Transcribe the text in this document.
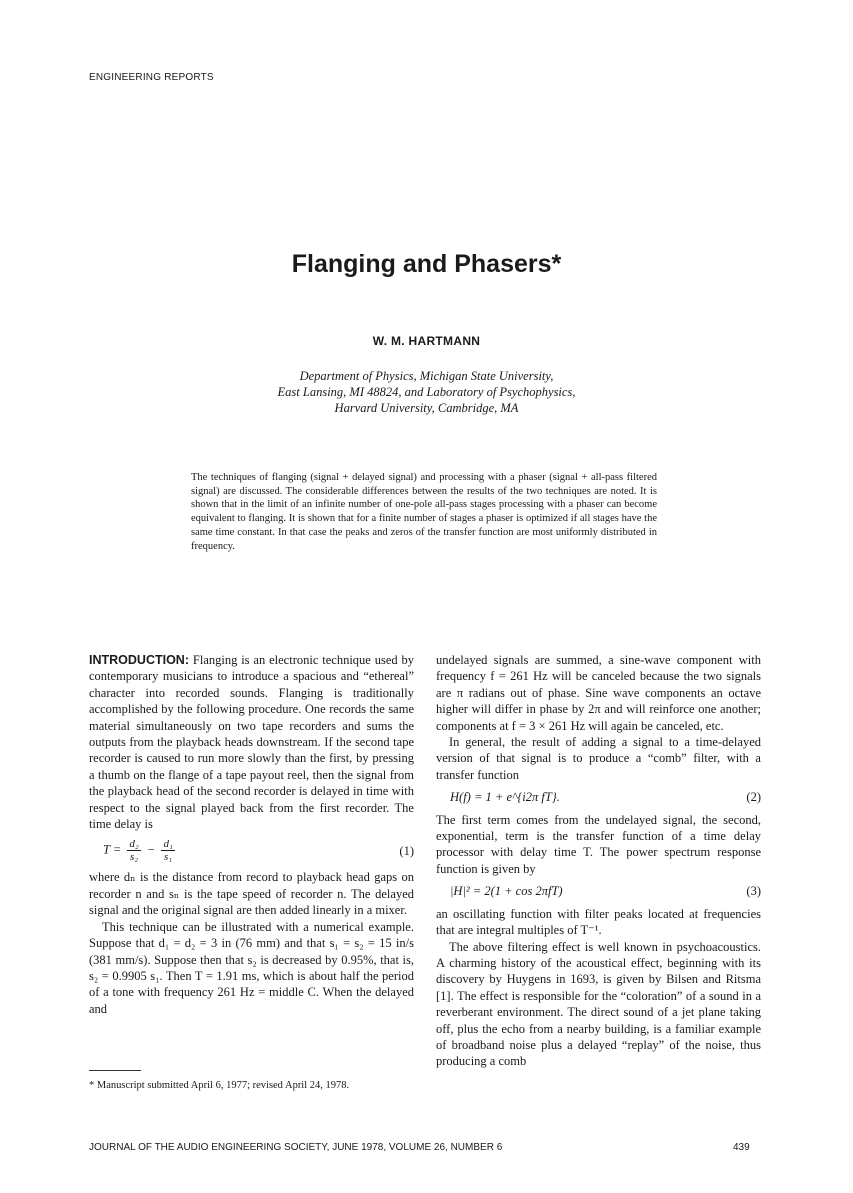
ENGINEERING REPORTS
Flanging and Phasers*
W. M. HARTMANN
Department of Physics, Michigan State University,
East Lansing, MI 48824, and Laboratory of Psychophysics,
Harvard University, Cambridge, MA
The techniques of flanging (signal + delayed signal) and processing with a phaser (signal + all-pass filtered signal) are discussed. The considerable differences between the results of the two techniques are noted. It is shown that in the limit of an infinite number of one-pole all-pass stages processing with a phaser can become equivalent to flanging. It is shown that for a finite number of stages a phaser is optimized if all stages have the same time constant. In that case the peaks and zeros of the transfer function are most uniformly distributed in frequency.

INTRODUCTION: Flanging is an electronic technique used by contemporary musicians to introduce a spacious and “ethereal” character into recorded sounds. Flanging is traditionally accomplished by the following procedure. One records the same material simultaneously on two tape recorders and sums the outputs from the playback heads downstream. If the second tape recorder is caused to run more slowly than the first, by pressing a thumb on the flange of a tape payout reel, then the signal from the playback head of the second recorder is delayed in time with respect to the signal played back from the first recorder. The time delay is

$T = \frac{\text{d₂}}{\text{s₂}} - \frac{\text{d₁}}{\text{s₁}}$	(1)

where dₙ is the distance from record to playback head gaps on recorder n and sₙ is the tape speed of recorder n. The delayed signal and the original signal are then added linearly in a mixer.

This technique can be illustrated with a numerical example. Suppose that d₁ = d₂ = 3 in (76 mm) and that s₁ = s₂ = 15 in/s (381 mm/s). Suppose then that s₂ is decreased by 0.95%, that is, s₂ = 0.9905 s₁. Then T = 1.91 ms, which is about half the period of a tone with frequency 261 Hz = middle C. When the delayed and

undelayed signals are summed, a sine-wave component with frequency f = 261 Hz will be canceled because the two signals are π radians out of phase. Sine wave components an octave higher will differ in phase by 2π and will reinforce one another; components at f = 3 × 261 Hz will again be canceled, etc.

In general, the result of adding a signal to a time-delayed version of that signal is to produce a “comb” filter, with a transfer function

H(f) = 1 + e^{i2π fT}.	(2)

The first term comes from the undelayed signal, the second, exponential, term is the transfer function of a time delay processor with delay time T. The power spectrum response function is given by

|H|² = 2(1 + cos 2πfT)	(3)

an oscillating function with filter peaks located at frequencies that are integral multiples of T⁻¹.

The above filtering effect is well known in psychoacoustics. A charming history of the acoustical effect, beginning with its discovery by Huygens in 1693, is given by Bilsen and Ritsma [1]. The effect is responsible for the “coloration” of a sound in a reverberant environment. The direct sound of a jet plane taking off, plus the echo from a nearby building, is a familiar example of broadband noise plus a delayed “replay” of the noise, thus producing a comb

* Manuscript submitted April 6, 1977; revised April 24, 1978.
JOURNAL OF THE AUDIO ENGINEERING SOCIETY, JUNE 1978, VOLUME 26, NUMBER 6	439
